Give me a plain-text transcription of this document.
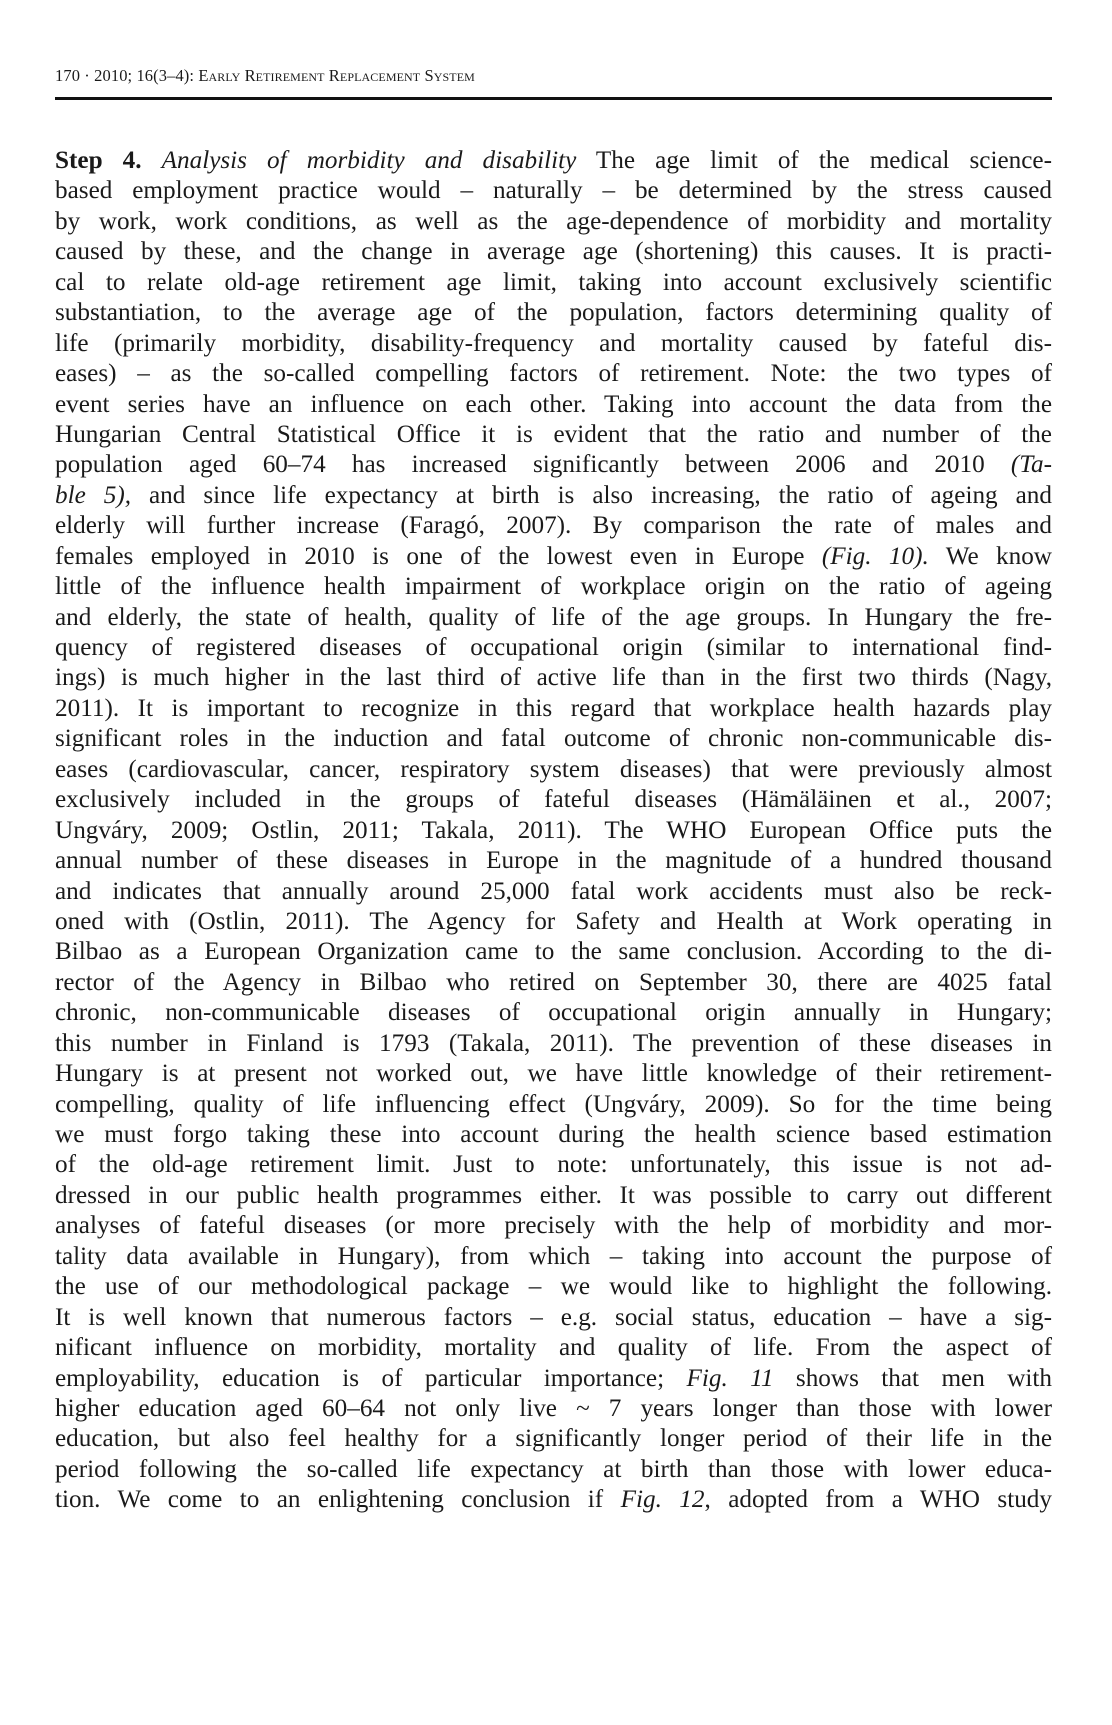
170 · 2010; 16(3–4): Early Retirement Replacement System
Step 4. Analysis of morbidity and disability The age limit of the medical science-
based employment practice would – naturally – be determined by the stress caused
by work, work conditions, as well as the age-dependence of morbidity and mortality
caused by these, and the change in average age (shortening) this causes. It is practi-
cal to relate old-age retirement age limit, taking into account exclusively scientific
substantiation, to the average age of the population, factors determining quality of
life (primarily morbidity, disability-frequency and mortality caused by fateful dis-
eases) – as the so-called compelling factors of retirement. Note: the two types of
event series have an influence on each other. Taking into account the data from the
Hungarian Central Statistical Office it is evident that the ratio and number of the
population aged 60–74 has increased significantly between 2006 and 2010 (Ta-
ble 5), and since life expectancy at birth is also increasing, the ratio of ageing and
elderly will further increase (Faragó, 2007). By comparison the rate of males and
females employed in 2010 is one of the lowest even in Europe (Fig. 10). We know
little of the influence health impairment of workplace origin on the ratio of ageing
and elderly, the state of health, quality of life of the age groups. In Hungary the fre-
quency of registered diseases of occupational origin (similar to international find-
ings) is much higher in the last third of active life than in the first two thirds (Nagy,
2011). It is important to recognize in this regard that workplace health hazards play
significant roles in the induction and fatal outcome of chronic non-communicable dis-
eases (cardiovascular, cancer, respiratory system diseases) that were previously almost
exclusively included in the groups of fateful diseases (Hämäläinen et al., 2007;
Ungváry, 2009; Ostlin, 2011; Takala, 2011). The WHO European Office puts the
annual number of these diseases in Europe in the magnitude of a hundred thousand
and indicates that annually around 25,000 fatal work accidents must also be reck-
oned with (Ostlin, 2011). The Agency for Safety and Health at Work operating in
Bilbao as a European Organization came to the same conclusion. According to the di-
rector of the Agency in Bilbao who retired on September 30, there are 4025 fatal
chronic, non-communicable diseases of occupational origin annually in Hungary;
this number in Finland is 1793 (Takala, 2011). The prevention of these diseases in
Hungary is at present not worked out, we have little knowledge of their retirement-
compelling, quality of life influencing effect (Ungváry, 2009). So for the time being
we must forgo taking these into account during the health science based estimation
of the old-age retirement limit. Just to note: unfortunately, this issue is not ad-
dressed in our public health programmes either. It was possible to carry out different
analyses of fateful diseases (or more precisely with the help of morbidity and mor-
tality data available in Hungary), from which – taking into account the purpose of
the use of our methodological package – we would like to highlight the following.
It is well known that numerous factors – e.g. social status, education – have a sig-
nificant influence on morbidity, mortality and quality of life. From the aspect of
employability, education is of particular importance; Fig. 11 shows that men with
higher education aged 60–64 not only live ~ 7 years longer than those with lower
education, but also feel healthy for a significantly longer period of their life in the
period following the so-called life expectancy at birth than those with lower educa-
tion. We come to an enlightening conclusion if Fig. 12, adopted from a WHO study
